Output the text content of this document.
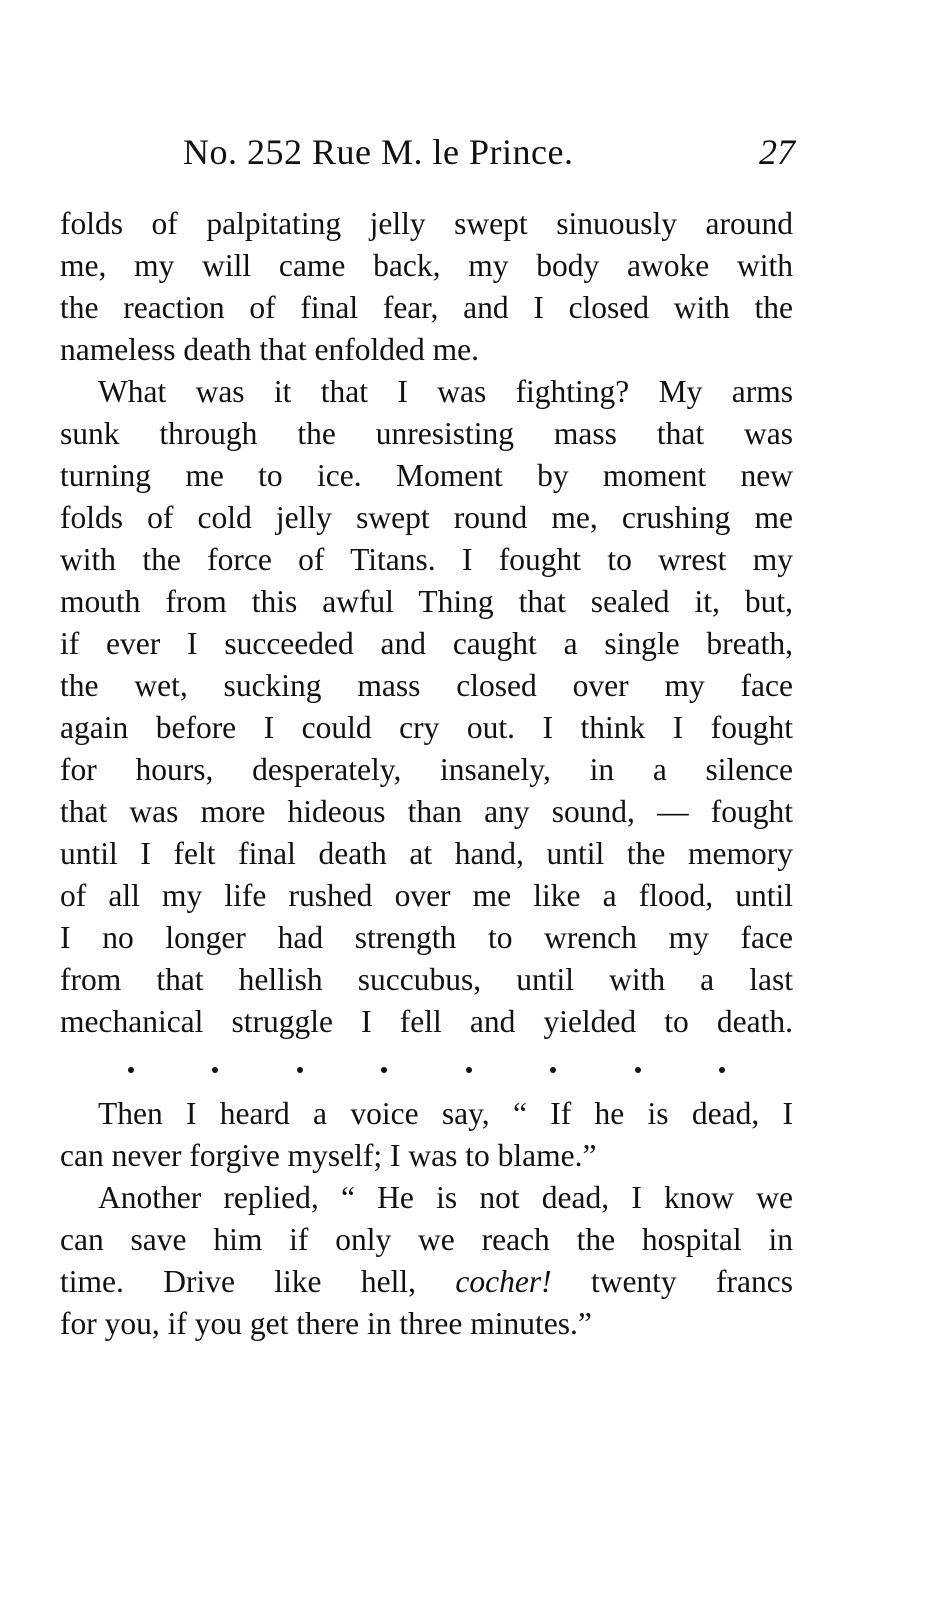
No. 252 Rue M. le Prince.	27

folds of palpitating jelly swept sinuously around
me, my will came back, my body awoke with
the reaction of final fear, and I closed with the
nameless death that enfolded me.

What was it that I was fighting? My arms
sunk through the unresisting mass that was
turning me to ice. Moment by moment new
folds of cold jelly swept round me, crushing me
with the force of Titans. I fought to wrest my
mouth from this awful Thing that sealed it, but,
if ever I succeeded and caught a single breath,
the wet, sucking mass closed over my face
again before I could cry out. I think I fought
for hours, desperately, insanely, in a silence
that was more hideous than any sound, — fought
until I felt final death at hand, until the memory
of all my life rushed over me like a flood, until
I no longer had strength to wrench my face
from that hellish succubus, until with a last
mechanical struggle I fell and yielded to death.

Then I heard a voice say, “ If he is dead, I
can never forgive myself; I was to blame.”

Another replied, “ He is not dead, I know we
can save him if only we reach the hospital in
time. Drive like hell, cocher! twenty francs
for you, if you get there in three minutes.”
